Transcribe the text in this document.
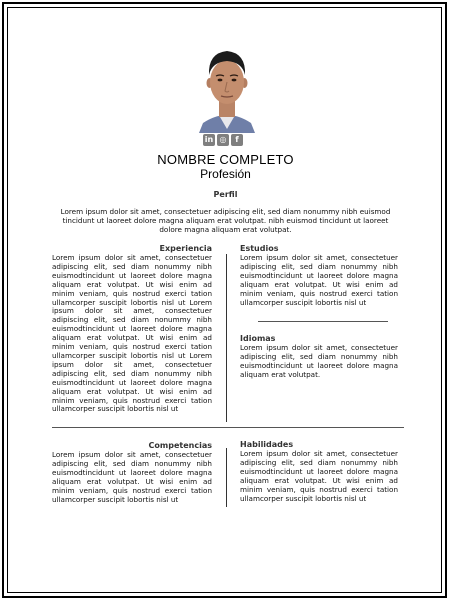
in ◎	f
NOMBRE COMPLETO
Profesión
Perfil
Lorem ipsum dolor sit amet, consectetuer adipiscing elit, sed diam nonummy nibh euismod tincidunt ut laoreet dolore magna aliquam erat volutpat. nibh euismod tincidunt ut laoreet dolore magna aliquam erat volutpat.
Experiencia
Lorem ipsum dolor sit amet, consectetuer adipiscing elit, sed diam nonummy nibh euismodtincidunt ut laoreet dolore magna aliquam erat volutpat. Ut wisi enim ad minim veniam, quis nostrud exerci tation ullamcorper suscipit lobortis nisl ut Lorem ipsum dolor sit amet, consectetuer adipiscing elit, sed diam nonummy nibh euismodtincidunt ut laoreet dolore magna aliquam erat volutpat. Ut wisi enim ad minim veniam, quis nostrud exerci tation ullamcorper suscipit lobortis nisl ut Lorem ipsum dolor sit amet, consectetuer adipiscing elit, sed diam nonummy nibh euismodtincidunt ut laoreet dolore magna aliquam erat volutpat. Ut wisi enim ad minim veniam, quis nostrud exerci tation ullamcorper suscipit lobortis nisl ut
Estudios
Lorem ipsum dolor sit amet, consectetuer adipiscing elit, sed diam nonummy nibh euismodtincidunt ut laoreet dolore magna aliquam erat volutpat. Ut wisi enim ad minim veniam, quis nostrud exerci tation ullamcorper suscipit lobortis nisl ut
Idiomas
Lorem ipsum dolor sit amet, consectetuer adipiscing elit, sed diam nonummy nibh euismodtincidunt ut laoreet dolore magna aliquam erat volutpat.
Competencias
Lorem ipsum dolor sit amet, consectetuer adipiscing elit, sed diam nonummy nibh euismodtincidunt ut laoreet dolore magna aliquam erat volutpat. Ut wisi enim ad minim veniam, quis nostrud exerci tation ullamcorper suscipit lobortis nisl ut
Habilidades
Lorem ipsum dolor sit amet, consectetuer adipiscing elit, sed diam nonummy nibh euismodtincidunt ut laoreet dolore magna aliquam erat volutpat. Ut wisi enim ad minim veniam, quis nostrud exerci tation ullamcorper suscipit lobortis nisl ut
